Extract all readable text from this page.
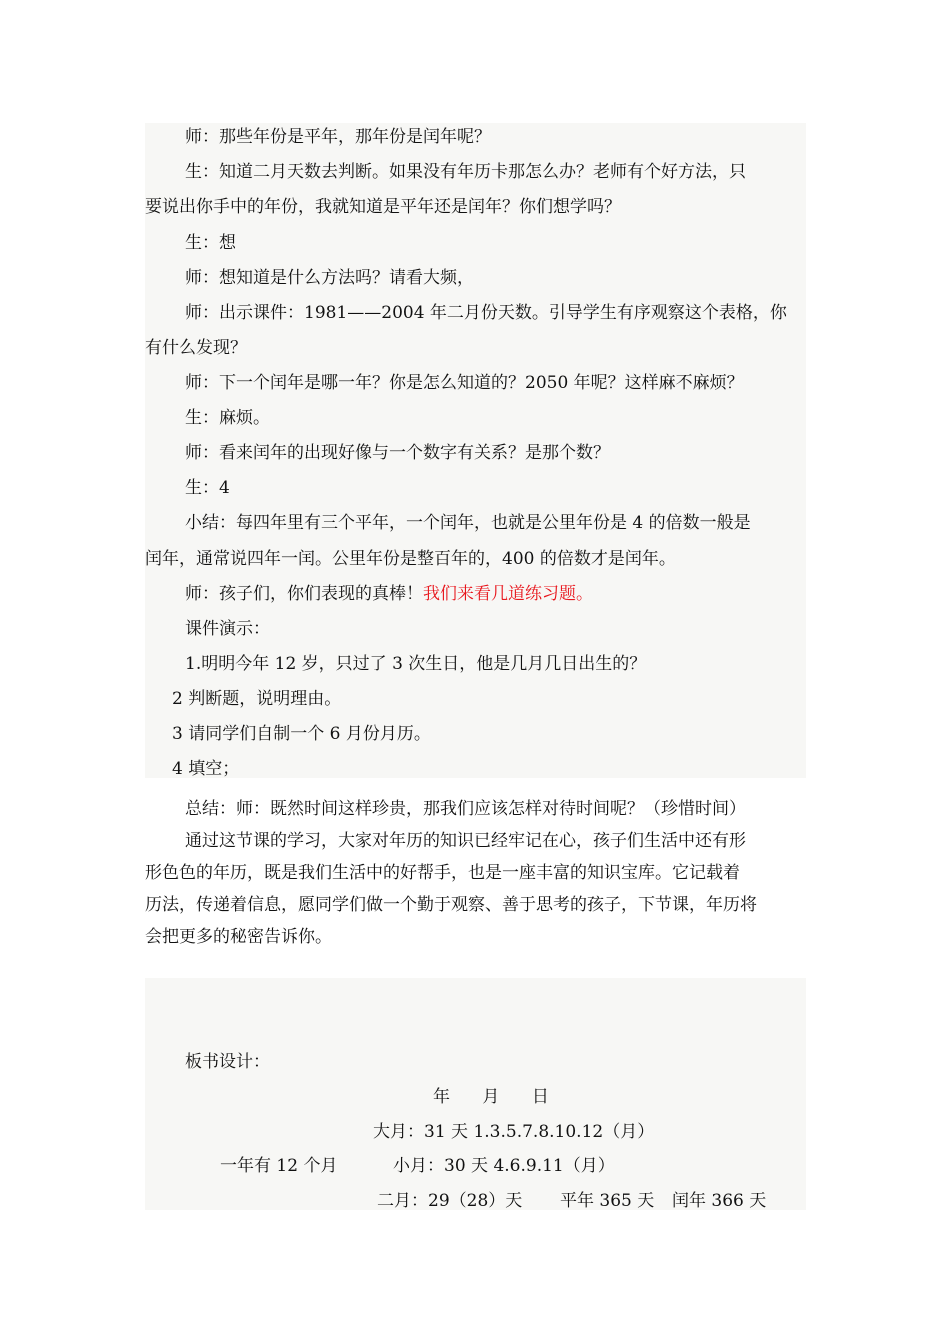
师：那些年份是平年，那年份是闰年呢？
生：知道二月天数去判断。如果没有年历卡那怎么办？老师有个好方法，只
要说出你手中的年份，我就知道是平年还是闰年？你们想学吗？
生：想
师：想知道是什么方法吗？请看大频，
师：出示课件：1981——2004 年二月份天数。引导学生有序观察这个表格，你
有什么发现？
师：下一个闰年是哪一年？你是怎么知道的？2050 年呢？这样麻不麻烦？
生：麻烦。
师：看来闰年的出现好像与一个数字有关系？是那个数？
生：4
小结：每四年里有三个平年，一个闰年，也就是公里年份是 4 的倍数一般是
闰年，通常说四年一闰。公里年份是整百年的，400 的倍数才是闰年。
师：孩子们，你们表现的真棒！我们来看几道练习题。
课件演示：
1.明明今年 12 岁，只过了 3 次生日，他是几月几日出生的？
2 判断题，说明理由。
3 请同学们自制一个 6 月份月历。
4 填空；
总结：师：既然时间这样珍贵，那我们应该怎样对待时间呢？（珍惜时间）
通过这节课的学习，大家对年历的知识已经牢记在心，孩子们生活中还有形
形色色的年历，既是我们生活中的好帮手，也是一座丰富的知识宝库。它记载着
历法，传递着信息，愿同学们做一个勤于观察、善于思考的孩子，下节课，年历将
会把更多的秘密告诉你。
板书设计：
年      月      日
大月：31 天 1.3.5.7.8.10.12（月）
一年有 12 个月	小月：30 天 4.6.9.11（月）
二月：29（28）天 平年 365 天 闰年 366 天
